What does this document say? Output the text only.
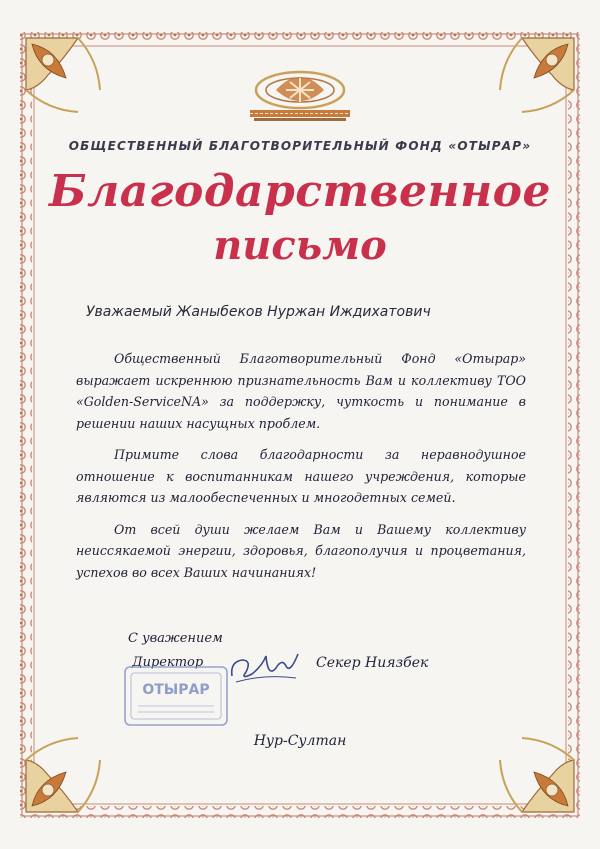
ОБЩЕСТВЕННЫЙ БЛАГОТВОРИТЕЛЬНЫЙ ФОНД «ОТЫРАР»
Благодарственное
письмо
Уважаемый Жаныбеков Нуржан Иждихатович

Общественный Благотворительный Фонд «Отырар» выражает искреннюю признательность Вам и коллективу ТОО «Golden-ServiceNA» за поддержку, чуткость и понимание в решении наших насущных проблем.

Примите слова благодарности за неравнодушное отношение к воспитанникам нашего учреждения, которые являются из малообеспеченных и многодетных семей.

От всей души желаем Вам и Вашему коллективу неиссякаемой энергии, здоровья, благополучия и процветания, успехов во всех Ваших начинаниях!

С уважением
Директор
ОТЫРАР
Секер Ниязбек
Нур-Султан
